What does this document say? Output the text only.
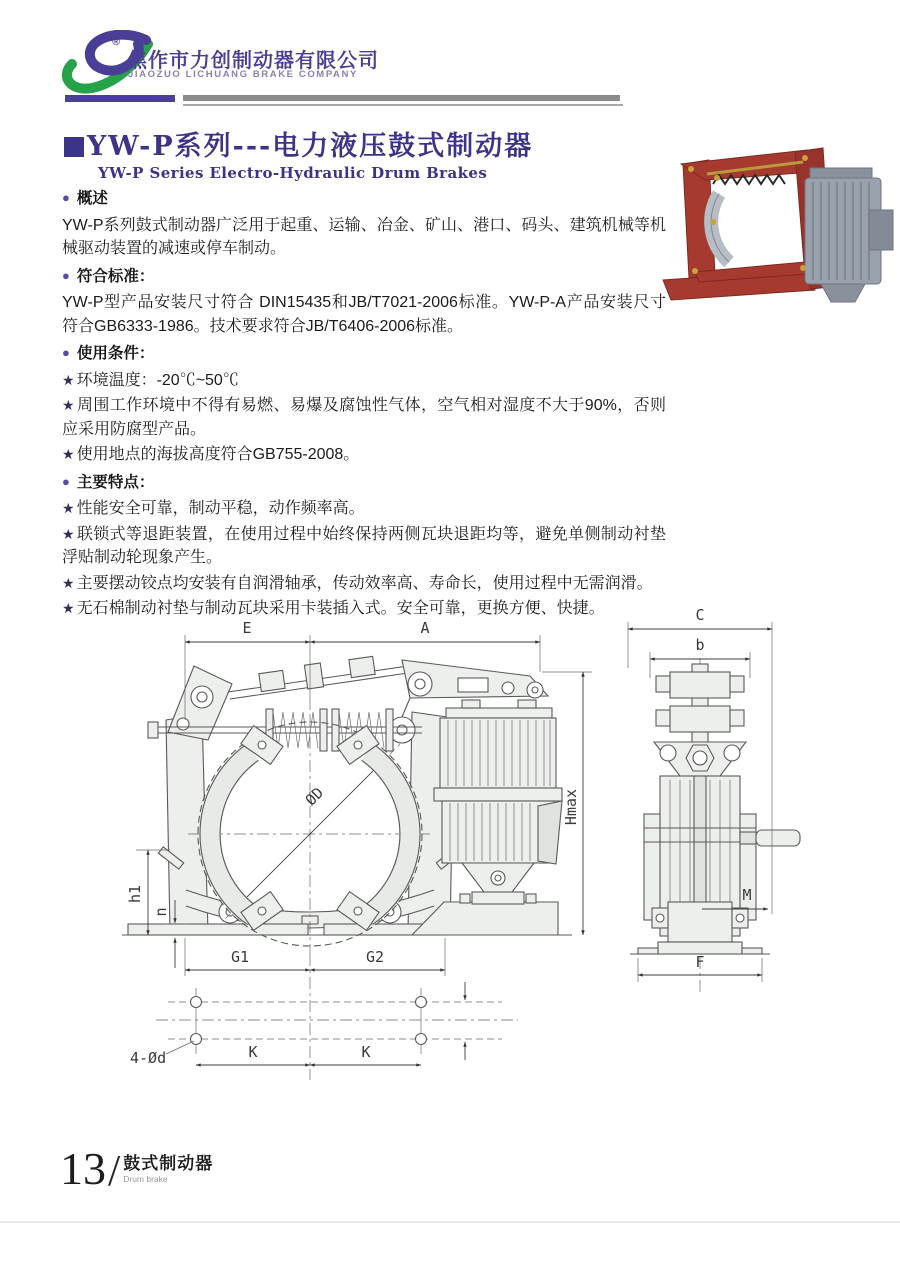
®
焦作市力创制动器有限公司
JIAOZUO LICHUANG BRAKE COMPANY
YW-P系列---电力液压鼓式制动器
YW-P Series Electro-Hydraulic Drum Brakes
● 概述
YW-P系列鼓式制动器广泛用于起重、运输、冶金、矿山、港口、码头、建筑机械等机械驱动装置的减速或停车制动。
● 符合标准：
YW-P型产品安装尺寸符合 DIN15435和JB/T7021-2006标准。YW-P-A产品安装尺寸符合GB6333-1986。技术要求符合JB/T6406-2006标准。
● 使用条件：
★ 环境温度：-20℃~50℃
★ 周围工作环境中不得有易燃、易爆及腐蚀性气体，空气相对湿度不大于90%，否则应采用防腐型产品。
★ 使用地点的海拔高度符合GB755-2008。
● 主要特点：
★ 性能安全可靠，制动平稳，动作频率高。
★ 联锁式等退距装置，在使用过程中始终保持两侧瓦块退距均等，避免单侧制动衬垫浮贴制动轮现象产生。
★ 主要摆动铰点均安装有自润滑轴承，传动效率高、寿命长，使用过程中无需润滑。
★ 无石棉制动衬垫与制动瓦块采用卡装插入式。安全可靠，更换方便、快捷。
E	A
Hmax
ØD
h1
n
G1	G2
K	K
4-Ød
C
b
M
F
13 / 鼓式制动器
Drum brake
